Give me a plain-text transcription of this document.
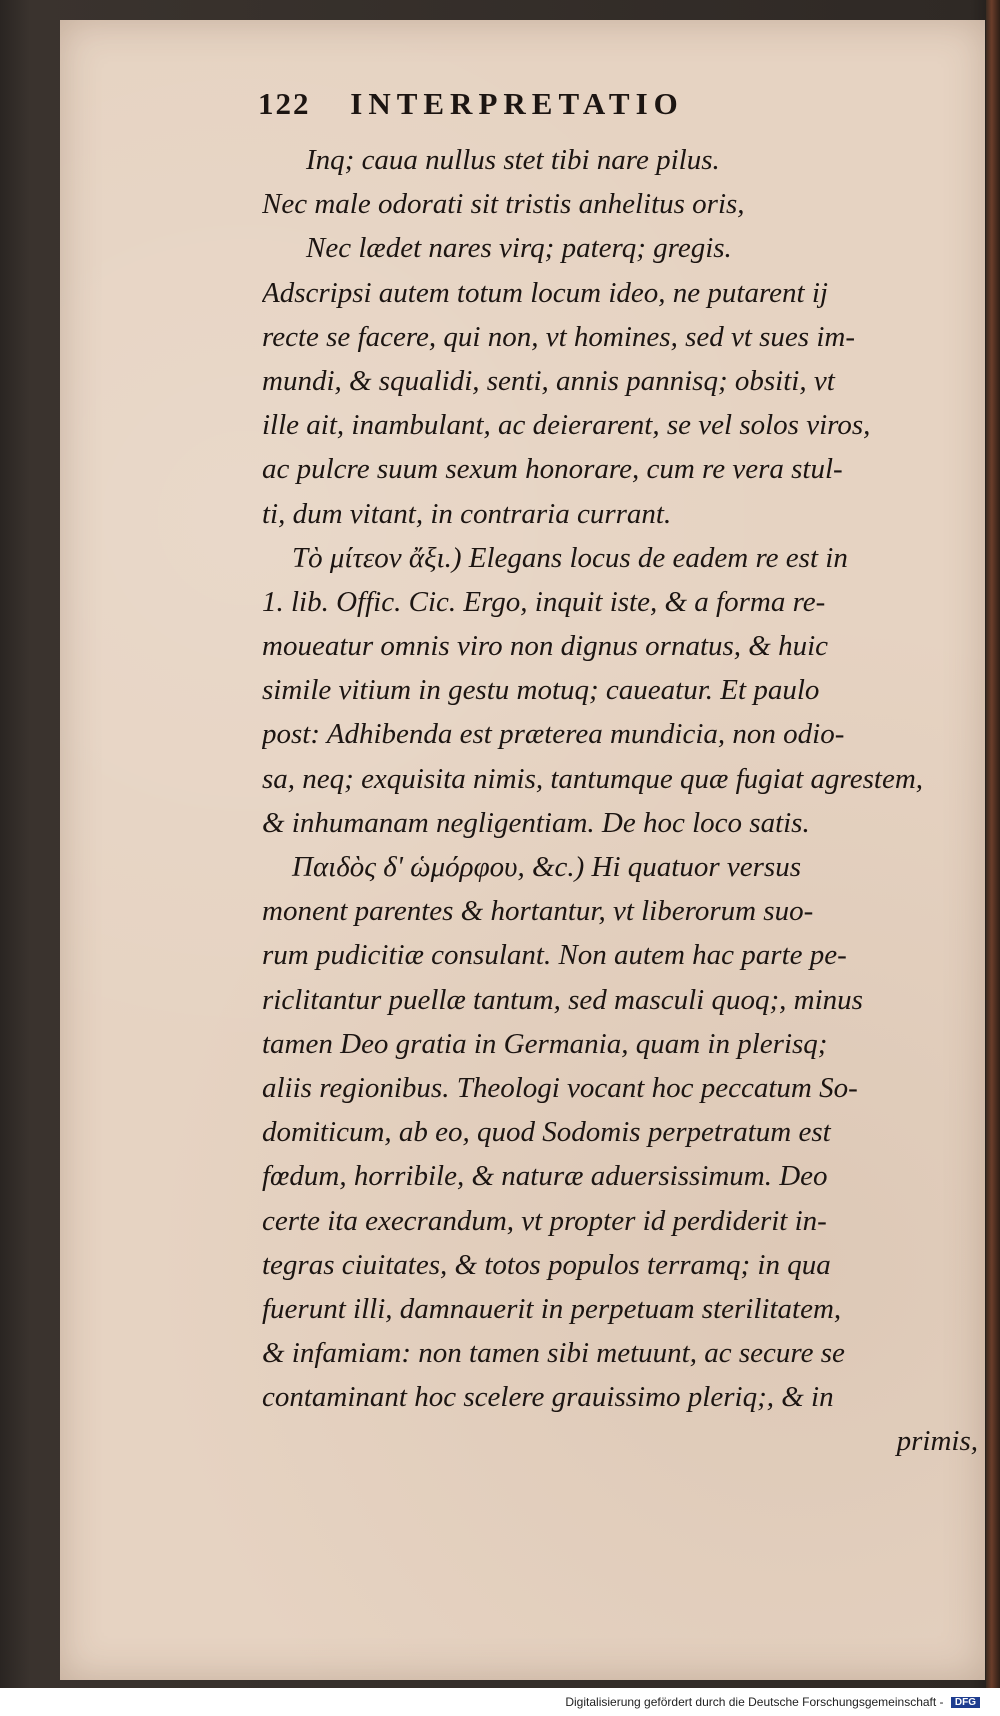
122 INTERPRETATIO
Inq; caua nullus stet tibi nare pilus.
Nec male odorati sit tristis anhelitus oris,
Nec lædet nares virq; paterq; gregis.
Adscripsi autem totum locum ideo, ne putarent ij
recte se facere, qui non, vt homines, sed vt sues im-
mundi, & squalidi, senti, annis pannisq; obsiti, vt
ille ait, inambulant, ac deierarent, se vel solos viros,
ac pulcre suum sexum honorare, cum re vera stul-
ti, dum vitant, in contraria currant.
Τὸ μίτεον ἄξι.) Elegans locus de eadem re est in
1. lib. Offic. Cic. Ergo, inquit iste, & a forma re-
moueatur omnis viro non dignus ornatus, & huic
simile vitium in gestu motuq; caueatur. Et paulo
post: Adhibenda est præterea mundicia, non odio-
sa, neq; exquisita nimis, tantumque quæ fugiat agrestem,
& inhumanam negligentiam. De hoc loco satis.
Παιδὸς δ' ὡμόρφου, &c.) Hi quatuor versus
monent parentes & hortantur, vt liberorum suo-
rum pudicitiæ consulant. Non autem hac parte pe-
riclitantur puellæ tantum, sed masculi quoq;, minus
tamen Deo gratia in Germania, quam in plerisq;
aliis regionibus. Theologi vocant hoc peccatum So-
domiticum, ab eo, quod Sodomis perpetratum est
fœdum, horribile, & naturæ aduersissimum. Deo
certe ita execrandum, vt propter id perdiderit in-
tegras ciuitates, & totos populos terramq; in qua
fuerunt illi, damnauerit in perpetuam sterilitatem,
& infamiam: non tamen sibi metuunt, ac secure se
contaminant hoc scelere grauissimo pleriq;, & in
primis,
Digitalisierung gefördert durch die Deutsche Forschungsgemeinschaft - DFG
